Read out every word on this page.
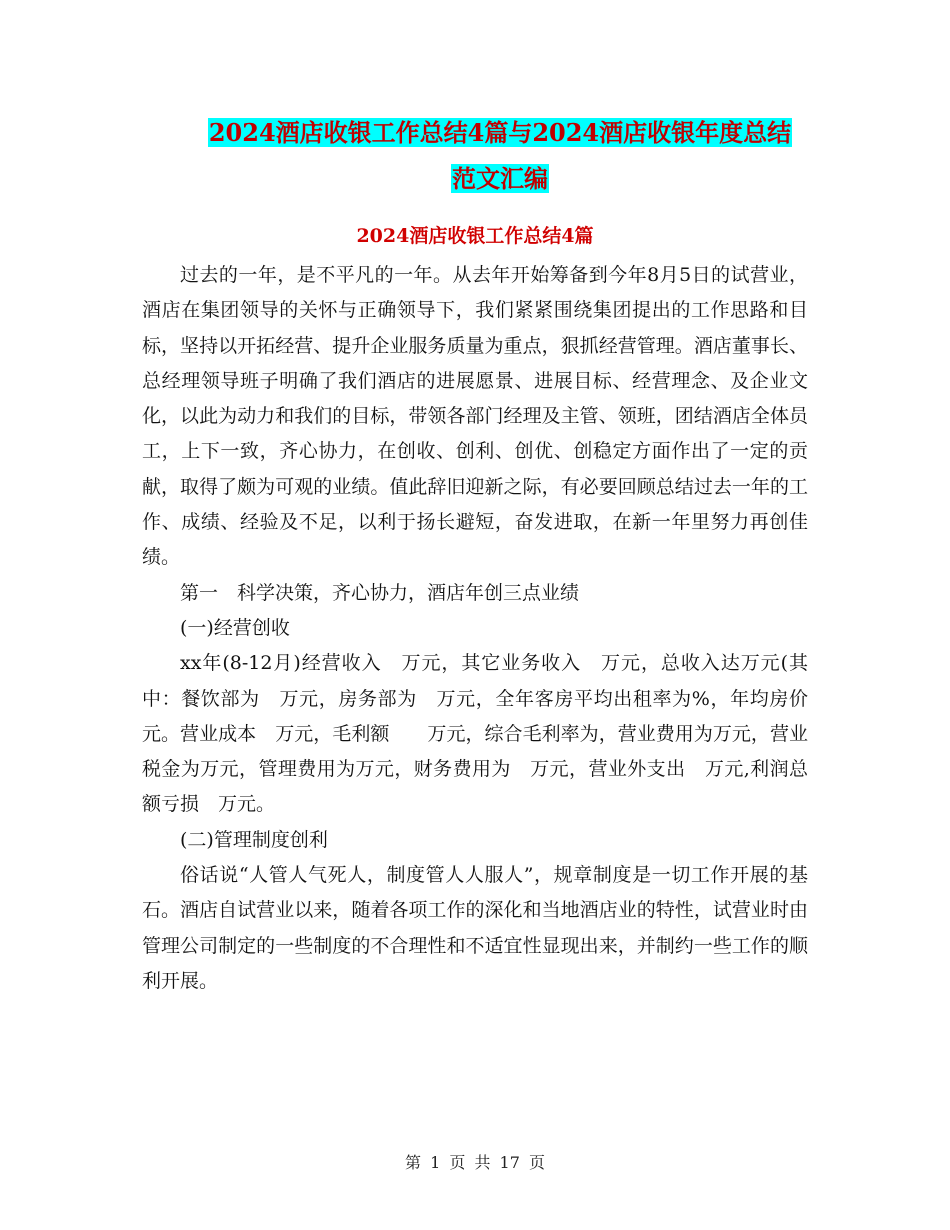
2024酒店收银工作总结4篇与2024酒店收银年度总结
范文汇编
2024酒店收银工作总结4篇

过去的一年，是不平凡的一年。从去年开始筹备到今年8月5日的试营业，酒店在集团领导的关怀与正确领导下，我们紧紧围绕集团提出的工作思路和目标，坚持以开拓经营、提升企业服务质量为重点，狠抓经营管理。酒店董事长、总经理领导班子明确了我们酒店的进展愿景、进展目标、经营理念、及企业文化，以此为动力和我们的目标，带领各部门经理及主管、领班，团结酒店全体员工，上下一致，齐心协力，在创收、创利、创优、创稳定方面作出了一定的贡献，取得了颇为可观的业绩。值此辞旧迎新之际，有必要回顾总结过去一年的工作、成绩、经验及不足，以利于扬长避短，奋发进取，在新一年里努力再创佳绩。

第一　科学决策，齐心协力，酒店年创三点业绩

(一)经营创收

xx年(8-12月)经营收入　万元，其它业务收入　万元，总收入达万元(其中：餐饮部为　万元，房务部为　万元，全年客房平均出租率为%，年均房价　元。营业成本　万元，毛利额　　万元，综合毛利率为，营业费用为万元，营业税金为万元，管理费用为万元，财务费用为　万元，营业外支出　万元,利润总额亏损　万元。

(二)管理制度创利

俗话说“人管人气死人，制度管人人服人”，规章制度是一切工作开展的基石。酒店自试营业以来，随着各项工作的深化和当地酒店业的特性，试营业时由管理公司制定的一些制度的不合理性和不适宜性显现出来，并制约一些工作的顺利开展。

第 1 页 共 17 页
